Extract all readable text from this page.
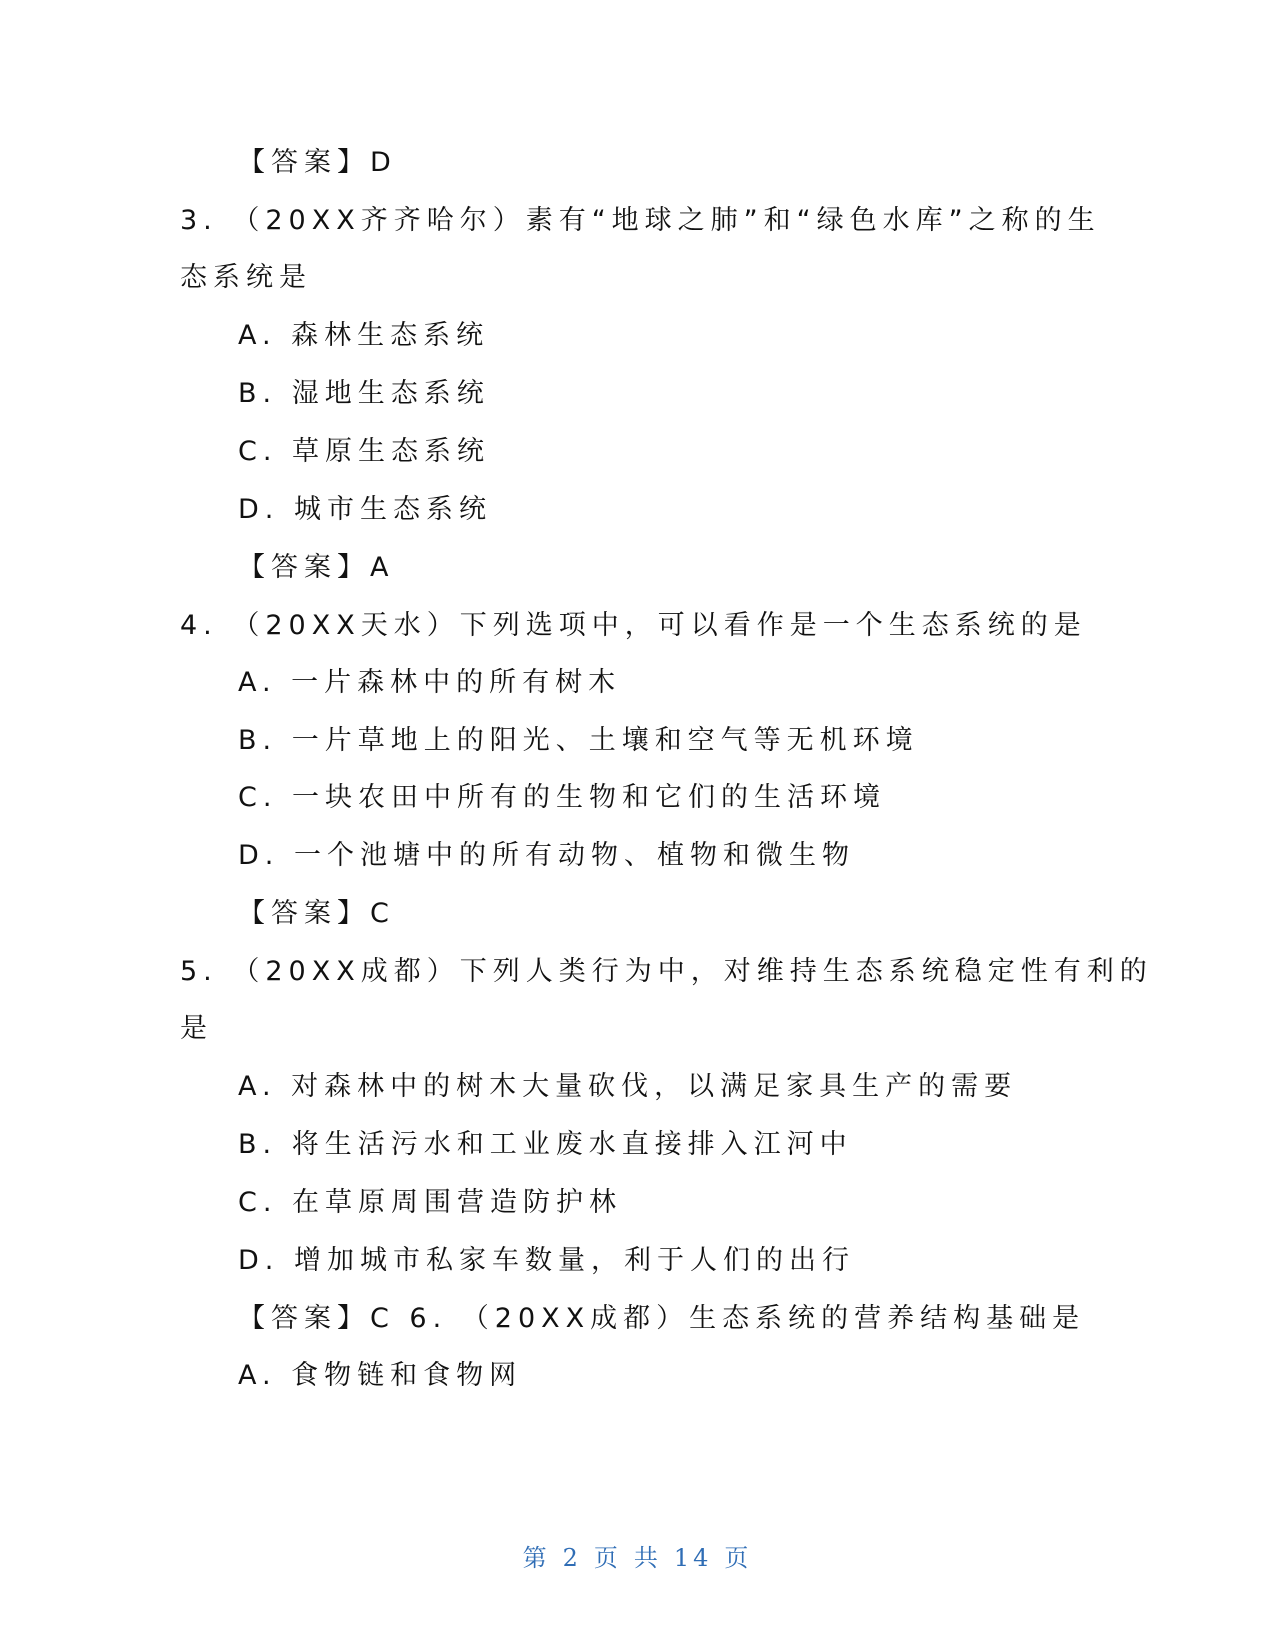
【答案】D
3. （20XX齐齐哈尔）素有“地球之肺”和“绿色水库”之称的生
态系统是
A. 森林生态系统
B. 湿地生态系统
C. 草原生态系统
D. 城市生态系统
【答案】A
4. （20XX天水）下列选项中，可以看作是一个生态系统的是
A. 一片森林中的所有树木
B. 一片草地上的阳光、土壤和空气等无机环境
C. 一块农田中所有的生物和它们的生活环境
D. 一个池塘中的所有动物、植物和微生物
【答案】C
5. （20XX成都）下列人类行为中，对维持生态系统稳定性有利的
是
A. 对森林中的树木大量砍伐，以满足家具生产的需要
B. 将生活污水和工业废水直接排入江河中
C. 在草原周围营造防护林
D. 增加城市私家车数量，利于人们的出行
【答案】C 6. （20XX成都）生态系统的营养结构基础是
A. 食物链和食物网
第 2 页 共 14 页
